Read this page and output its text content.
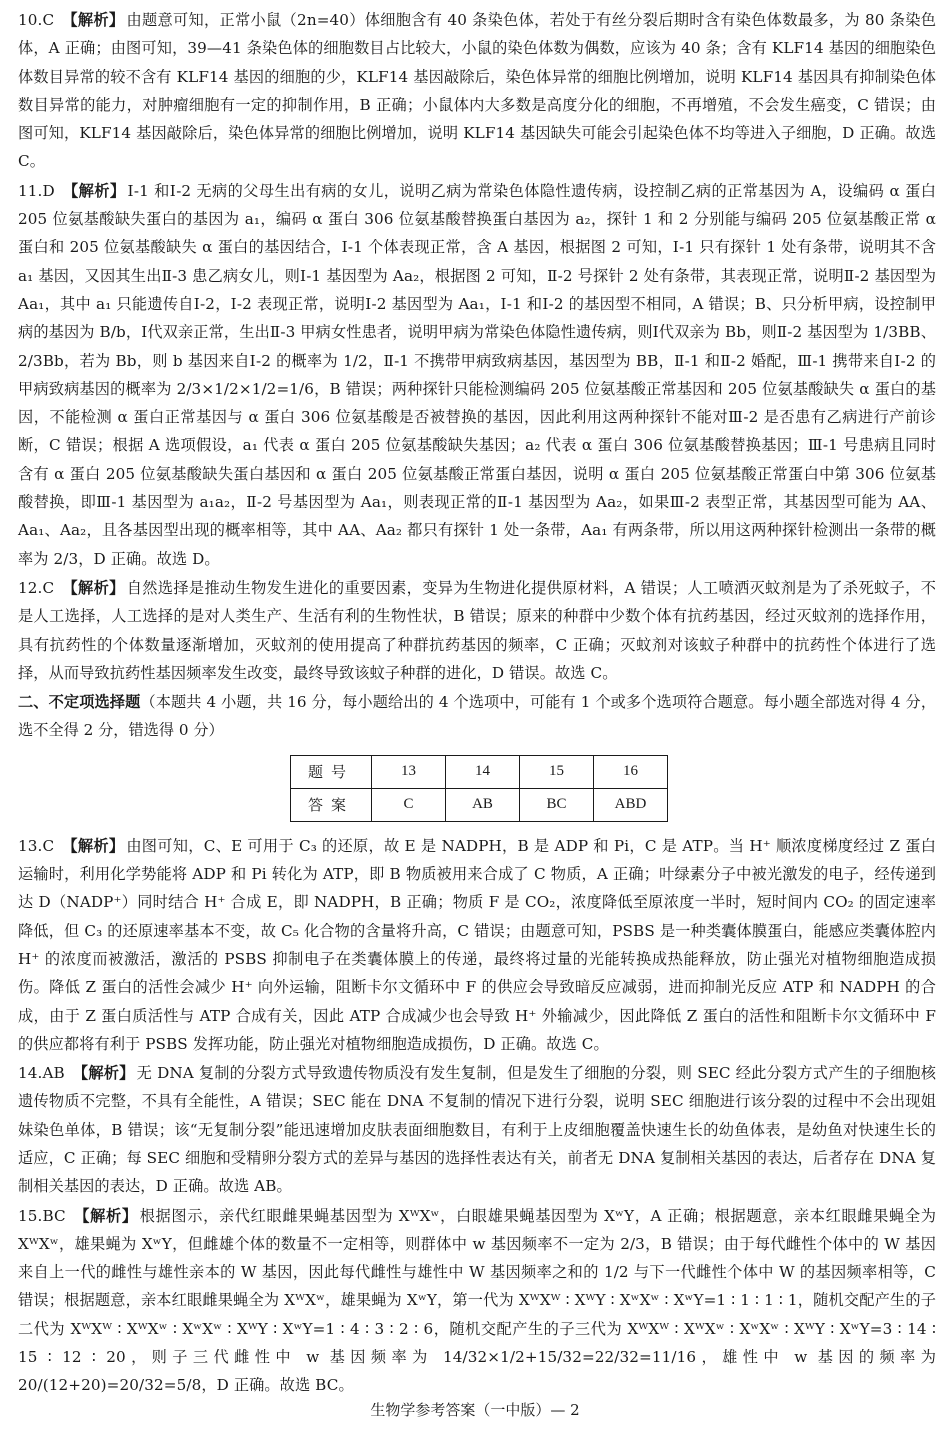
10.C 【解析】 由题意可知，正常小鼠（2n=40）体细胞含有 40 条染色体，若处于有丝分裂后期时含有染色体数最多，为 80 条染色体，A 正确；由图可知，39—41 条染色体的细胞数目占比较大，小鼠的染色体数为偶数，应该为 40 条；含有 KLF14 基因的细胞染色体数目异常的较不含有 KLF14 基因的细胞的少，KLF14 基因敲除后，染色体异常的细胞比例增加，说明 KLF14 基因具有抑制染色体数目异常的能力，对肿瘤细胞有一定的抑制作用，B 正确；小鼠体内大多数是高度分化的细胞，不再增殖，不会发生癌变，C 错误；由图可知，KLF14 基因敲除后，染色体异常的细胞比例增加，说明 KLF14 基因缺失可能会引起染色体不均等进入子细胞，D 正确。故选 C。

11.D 【解析】 Ⅰ-1 和Ⅰ-2 无病的父母生出有病的女儿，说明乙病为常染色体隐性遗传病，设控制乙病的正常基因为 A，设编码 α 蛋白 205 位氨基酸缺失蛋白的基因为 a₁，编码 α 蛋白 306 位氨基酸替换蛋白基因为 a₂，探针 1 和 2 分别能与编码 205 位氨基酸正常 α 蛋白和 205 位氨基酸缺失 α 蛋白的基因结合，Ⅰ-1 个体表现正常，含 A 基因，根据图 2 可知，Ⅰ-1 只有探针 1 处有条带，说明其不含 a₁ 基因，又因其生出Ⅱ-3 患乙病女儿，则Ⅰ-1 基因型为 Aa₂，根据图 2 可知，Ⅱ-2 号探针 2 处有条带，其表现正常，说明Ⅱ-2 基因型为 Aa₁，其中 a₁ 只能遗传自Ⅰ-2，Ⅰ-2 表现正常，说明Ⅰ-2 基因型为 Aa₁，Ⅰ-1 和Ⅰ-2 的基因型不相同，A 错误；B、只分析甲病，设控制甲病的基因为 B/b，Ⅰ代双亲正常，生出Ⅱ-3 甲病女性患者，说明甲病为常染色体隐性遗传病，则Ⅰ代双亲为 Bb，则Ⅱ-2 基因型为 1/3BB、2/3Bb，若为 Bb，则 b 基因来自Ⅰ-2 的概率为 1/2，Ⅱ-1 不携带甲病致病基因，基因型为 BB，Ⅱ-1 和Ⅱ-2 婚配，Ⅲ-1 携带来自Ⅰ-2 的甲病致病基因的概率为 2/3×1/2×1/2=1/6，B 错误；两种探针只能检测编码 205 位氨基酸正常基因和 205 位氨基酸缺失 α 蛋白的基因，不能检测 α 蛋白正常基因与 α 蛋白 306 位氨基酸是否被替换的基因，因此利用这两种探针不能对Ⅲ-2 是否患有乙病进行产前诊断，C 错误；根据 A 选项假设，a₁ 代表 α 蛋白 205 位氨基酸缺失基因；a₂ 代表 α 蛋白 306 位氨基酸替换基因；Ⅲ-1 号患病且同时含有 α 蛋白 205 位氨基酸缺失蛋白基因和 α 蛋白 205 位氨基酸正常蛋白基因，说明 α 蛋白 205 位氨基酸正常蛋白中第 306 位氨基酸替换，即Ⅲ-1 基因型为 a₁a₂，Ⅱ-2 号基因型为 Aa₁，则表现正常的Ⅱ-1 基因型为 Aa₂，如果Ⅲ-2 表型正常，其基因型可能为 AA、Aa₁、Aa₂，且各基因型出现的概率相等，其中 AA、Aa₂ 都只有探针 1 处一条带，Aa₁ 有两条带，所以用这两种探针检测出一条带的概率为 2/3，D 正确。故选 D。

12.C 【解析】 自然选择是推动生物发生进化的重要因素，变异为生物进化提供原材料，A 错误；人工喷洒灭蚊剂是为了杀死蚊子，不是人工选择，人工选择的是对人类生产、生活有利的生物性状，B 错误；原来的种群中少数个体有抗药基因，经过灭蚊剂的选择作用，具有抗药性的个体数量逐渐增加，灭蚊剂的使用提高了种群抗药基因的频率，C 正确；灭蚊剂对该蚊子种群中的抗药性个体进行了选择，从而导致抗药性基因频率发生改变，最终导致该蚊子种群的进化，D 错误。故选 C。

二、不定项选择题（本题共 4 小题，共 16 分，每小题给出的 4 个选项中，可能有 1 个或多个选项符合题意。每小题全部选对得 4 分，选不全得 2 分，错选得 0 分）

题号	13	14	15	16
答案	C	AB	BC	ABD

13.C 【解析】 由图可知，C、E 可用于 C₃ 的还原，故 E 是 NADPH，B 是 ADP 和 Pi，C 是 ATP。当 H⁺ 顺浓度梯度经过 Z 蛋白运输时，利用化学势能将 ADP 和 Pi 转化为 ATP，即 B 物质被用来合成了 C 物质，A 正确；叶绿素分子中被光激发的电子，经传递到达 D（NADP⁺）同时结合 H⁺ 合成 E，即 NADPH，B 正确；物质 F 是 CO₂，浓度降低至原浓度一半时，短时间内 CO₂ 的固定速率降低，但 C₃ 的还原速率基本不变，故 C₅ 化合物的含量将升高，C 错误；由题意可知，PSBS 是一种类囊体膜蛋白，能感应类囊体腔内 H⁺ 的浓度而被激活，激活的 PSBS 抑制电子在类囊体膜上的传递，最终将过量的光能转换成热能释放，防止强光对植物细胞造成损伤。降低 Z 蛋白的活性会减少 H⁺ 向外运输，阻断卡尔文循环中 F 的供应会导致暗反应减弱，进而抑制光反应 ATP 和 NADPH 的合成，由于 Z 蛋白质活性与 ATP 合成有关，因此 ATP 合成减少也会导致 H⁺ 外输减少，因此降低 Z 蛋白的活性和阻断卡尔文循环中 F 的供应都将有利于 PSBS 发挥功能，防止强光对植物细胞造成损伤，D 正确。故选 C。

14.AB 【解析】 无 DNA 复制的分裂方式导致遗传物质没有发生复制，但是发生了细胞的分裂，则 SEC 经此分裂方式产生的子细胞核遗传物质不完整，不具有全能性，A 错误；SEC 能在 DNA 不复制的情况下进行分裂，说明 SEC 细胞进行该分裂的过程中不会出现姐妹染色单体，B 错误；该“无复制分裂”能迅速增加皮肤表面细胞数目，有利于上皮细胞覆盖快速生长的幼鱼体表，是幼鱼对快速生长的适应，C 正确；每 SEC 细胞和受精卵分裂方式的差异与基因的选择性表达有关，前者无 DNA 复制相关基因的表达，后者存在 DNA 复制相关基因的表达，D 正确。故选 AB。

15.BC 【解析】 根据图示，亲代红眼雌果蝇基因型为 XᵂXʷ，白眼雄果蝇基因型为 XʷY，A 正确；根据题意，亲本红眼雌果蝇全为 XᵂXʷ，雄果蝇为 XʷY，但雌雄个体的数量不一定相等，则群体中 w 基因频率不一定为 2/3，B 错误；由于每代雌性个体中的 W 基因来自上一代的雌性与雄性亲本的 W 基因，因此每代雌性与雄性中 W 基因频率之和的 1/2 与下一代雌性个体中 W 的基因频率相等，C 错误；根据题意，亲本红眼雌果蝇全为 XᵂXʷ，雄果蝇为 XʷY，第一代为 XᵂXᵂ ∶ XᵂY ∶ XʷXʷ ∶ XʷY=1 ∶ 1 ∶ 1 ∶ 1，随机交配产生的子二代为 XᵂXᵂ ∶ XᵂXʷ ∶ XʷXʷ ∶ XᵂY ∶ XʷY=1 ∶ 4 ∶ 3 ∶ 2 ∶ 6，随机交配产生的子三代为 XᵂXᵂ ∶ XᵂXʷ ∶ XʷXʷ ∶ XᵂY ∶ XʷY=3 ∶ 14 ∶ 15 ∶ 12 ∶ 20，则子三代雌性中 w 基因频率为 14/32×1/2+15/32=22/32=11/16，雄性中 w 基因的频率为 20/(12+20)=20/32=5/8，D 正确。故选 BC。

生物学参考答案（一中版）— 2
